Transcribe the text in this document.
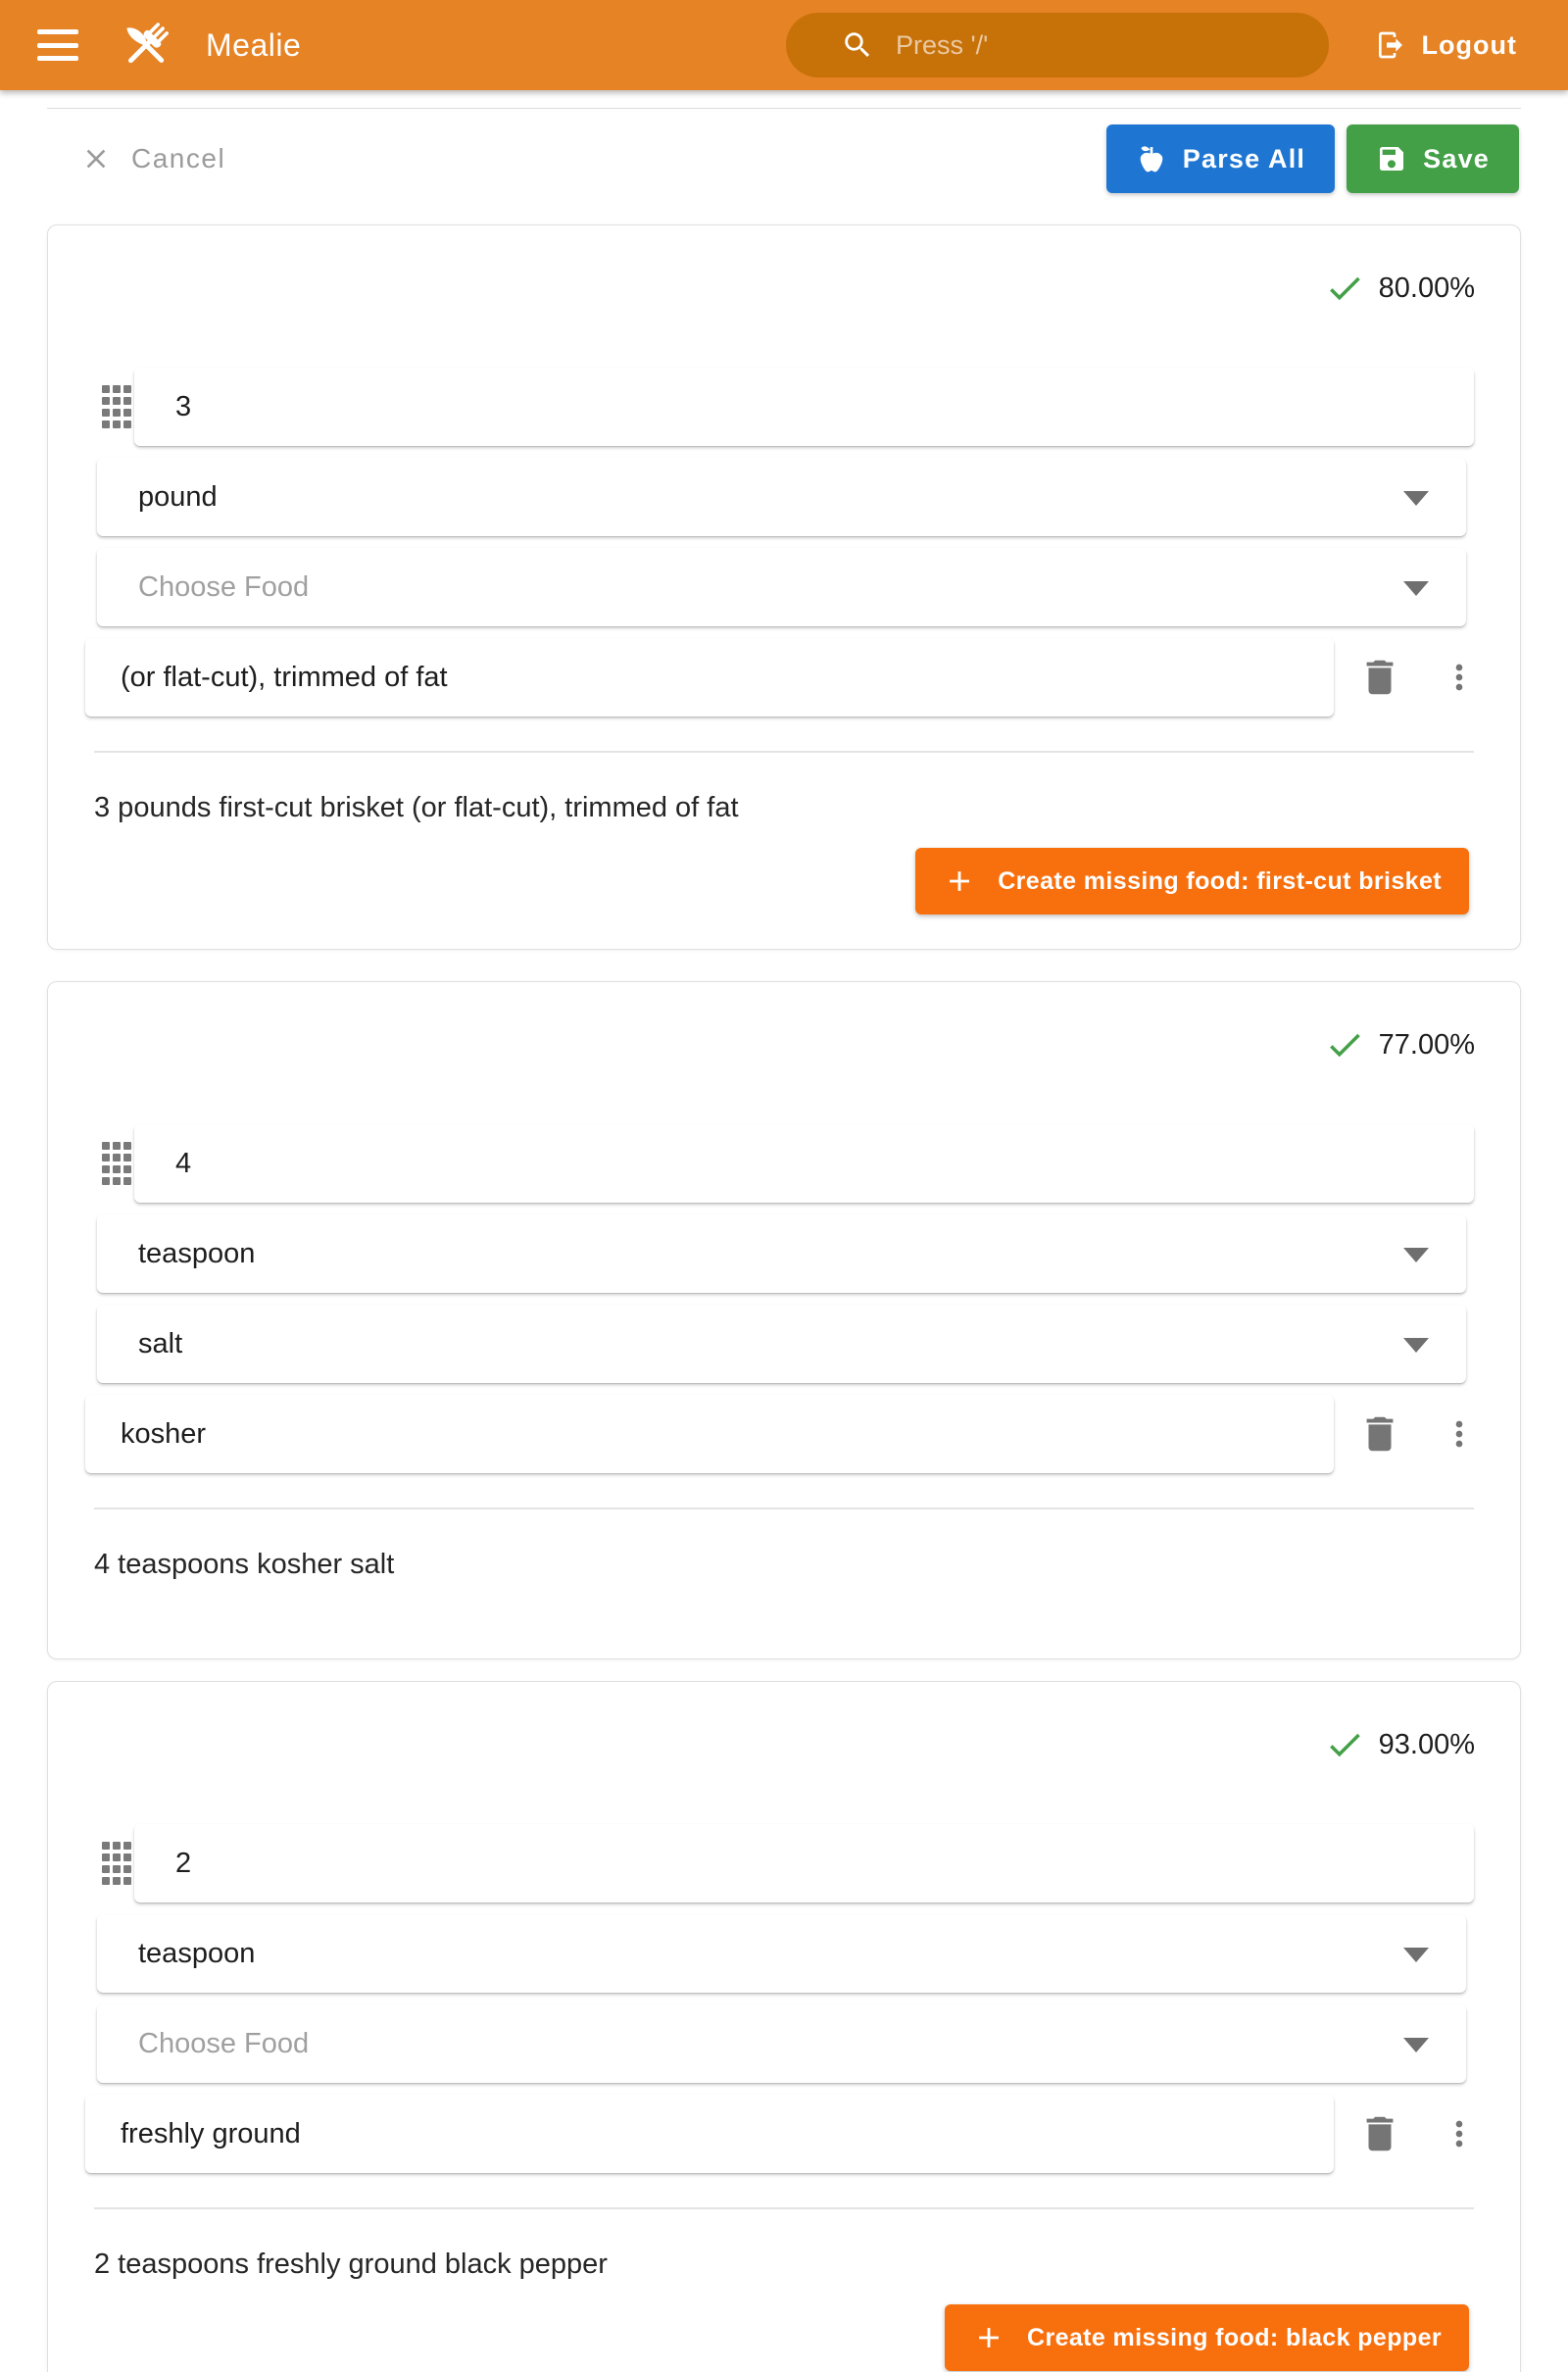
Mealie
Press '/'	Logout
Cancel	Parse All	Save
80.00%
3
pound
Choose Food
(or flat-cut), trimmed of fat
3 pounds first-cut brisket (or flat-cut), trimmed of fat
Create missing food: first-cut brisket
77.00%
4
teaspoon
salt
kosher
4 teaspoons kosher salt
93.00%
2
teaspoon
Choose Food
freshly ground
2 teaspoons freshly ground black pepper
Create missing food: black pepper
